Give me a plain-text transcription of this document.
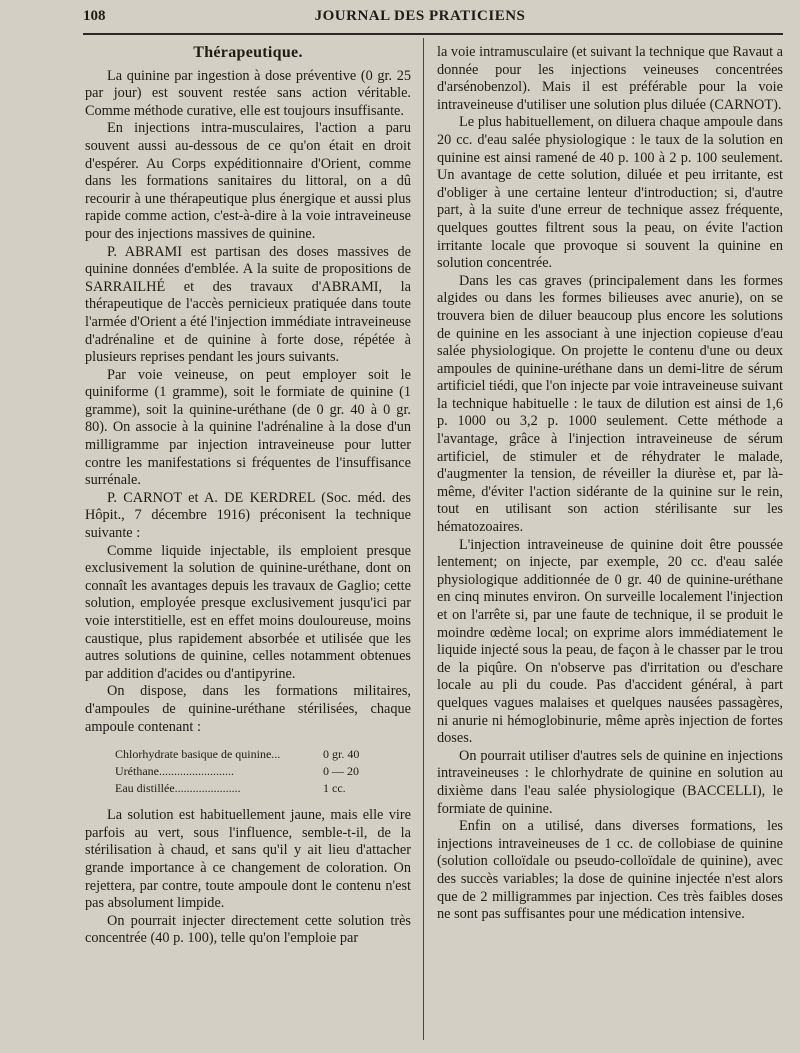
108	JOURNAL DES PRATICIENS
Thérapeutique.

La quinine par ingestion à dose préventive (0 gr. 25 par jour) est souvent restée sans action véritable. Comme méthode curative, elle est toujours insuffisante.

En injections intra-musculaires, l'action a paru souvent aussi au-dessous de ce qu'on était en droit d'espérer. Au Corps expéditionnaire d'Orient, comme dans les formations sanitaires du littoral, on a dû recourir à une thérapeutique plus énergique et aussi plus rapide comme action, c'est-à-dire à la voie intraveineuse pour des injections massives de quinine.

P. ABRAMI est partisan des doses massives de quinine données d'emblée. A la suite de propositions de SARRAILHÉ et des travaux d'ABRAMI, la thérapeutique de l'accès pernicieux pratiquée dans toute l'armée d'Orient a été l'injection immédiate intraveineuse d'adrénaline et de quinine à forte dose, répétée à plusieurs reprises pendant les jours suivants.

Par voie veineuse, on peut employer soit le quiniforme (1 gramme), soit le formiate de quinine (1 gramme), soit la quinine-uréthane (de 0 gr. 40 à 0 gr. 80). On associe à la quinine l'adrénaline à la dose d'un milligramme par injection intraveineuse pour lutter contre les manifestations si fréquentes de l'insuffisance surrénale.

P. CARNOT et A. DE KERDREL (Soc. méd. des Hôpit., 7 décembre 1916) préconisent la technique suivante :

Comme liquide injectable, ils emploient presque exclusivement la solution de quinine-uréthane, dont on connaît les avantages depuis les travaux de Gaglio; cette solution, employée presque exclusivement jusqu'ici par voie interstitielle, est en effet moins douloureuse, moins caustique, plus rapidement absorbée et utilisée que les autres solutions de quinine, celles notamment obtenues par addition d'acides ou d'antipyrine.

On dispose, dans les formations militaires, d'ampoules de quinine-uréthane stérilisées, chaque ampoule contenant :

Chlorhydrate basique de quinine...	0 gr. 40
Uréthane.........................	0 — 20
Eau distillée......................	1 cc.

La solution est habituellement jaune, mais elle vire parfois au vert, sous l'influence, semble-t-il, de la stérilisation à chaud, et sans qu'il y ait lieu d'attacher grande importance à ce changement de coloration. On rejettera, par contre, toute ampoule dont le contenu n'est pas absolument limpide.

On pourrait injecter directement cette solution très concentrée (40 p. 100), telle qu'on l'emploie par

la voie intramusculaire (et suivant la technique que Ravaut a donnée pour les injections veineuses concentrées d'arsénobenzol). Mais il est préférable pour la voie intraveineuse d'utiliser une solution plus diluée (CARNOT).

Le plus habituellement, on diluera chaque ampoule dans 20 cc. d'eau salée physiologique : le taux de la solution en quinine est ainsi ramené de 40 p. 100 à 2 p. 100 seulement. Un avantage de cette solution, diluée et peu irritante, est d'obliger à une certaine lenteur d'introduction; si, d'autre part, à la suite d'une erreur de technique assez fréquente, quelques gouttes filtrent sous la peau, on évite l'action irritante locale que provoque si souvent la quinine en solution concentrée.

Dans les cas graves (principalement dans les formes algides ou dans les formes bilieuses avec anurie), on se trouvera bien de diluer beaucoup plus encore les solutions de quinine en les associant à une injection copieuse d'eau salée physiologique. On projette le contenu d'une ou deux ampoules de quinine-uréthane dans un demi-litre de sérum artificiel tiédi, que l'on injecte par voie intraveineuse suivant la technique habituelle : le taux de dilution est ainsi de 1,6 p. 1000 ou 3,2 p. 1000 seulement. Cette méthode a l'avantage, grâce à l'injection intraveineuse de sérum artificiel, de stimuler et de réhydrater le malade, d'augmenter la tension, de réveiller la diurèse et, par là-même, d'éviter l'action sidérante de la quinine sur le rein, tout en utilisant son action stérilisante sur les hématozoaires.

L'injection intraveineuse de quinine doit être poussée lentement; on injecte, par exemple, 20 cc. d'eau salée physiologique additionnée de 0 gr. 40 de quinine-uréthane en cinq minutes environ. On surveille localement l'injection et on l'arrête si, par une faute de technique, il se produit le moindre œdème local; on exprime alors immédiatement le liquide injecté sous la peau, de façon à le chasser par le trou de la piqûre. On n'observe pas d'irritation ou d'eschare locale au pli du coude. Pas d'accident général, à part quelques vagues malaises et quelques nausées passagères, ni anurie ni hémoglobinurie, même après injection de fortes doses.

On pourrait utiliser d'autres sels de quinine en injections intraveineuses : le chlorhydrate de quinine en solution au dixième dans l'eau salée physiologique (BACCELLI), le formiate de quinine.

Enfin on a utilisé, dans diverses formations, les injections intraveineuses de 1 cc. de collobiase de quinine (solution colloïdale ou pseudo-colloïdale de quinine), avec des succès variables; la dose de quinine injectée n'est alors que de 2 milligrammes par injection. Ces très faibles doses ne sont pas suffisantes pour une médication intensive.
